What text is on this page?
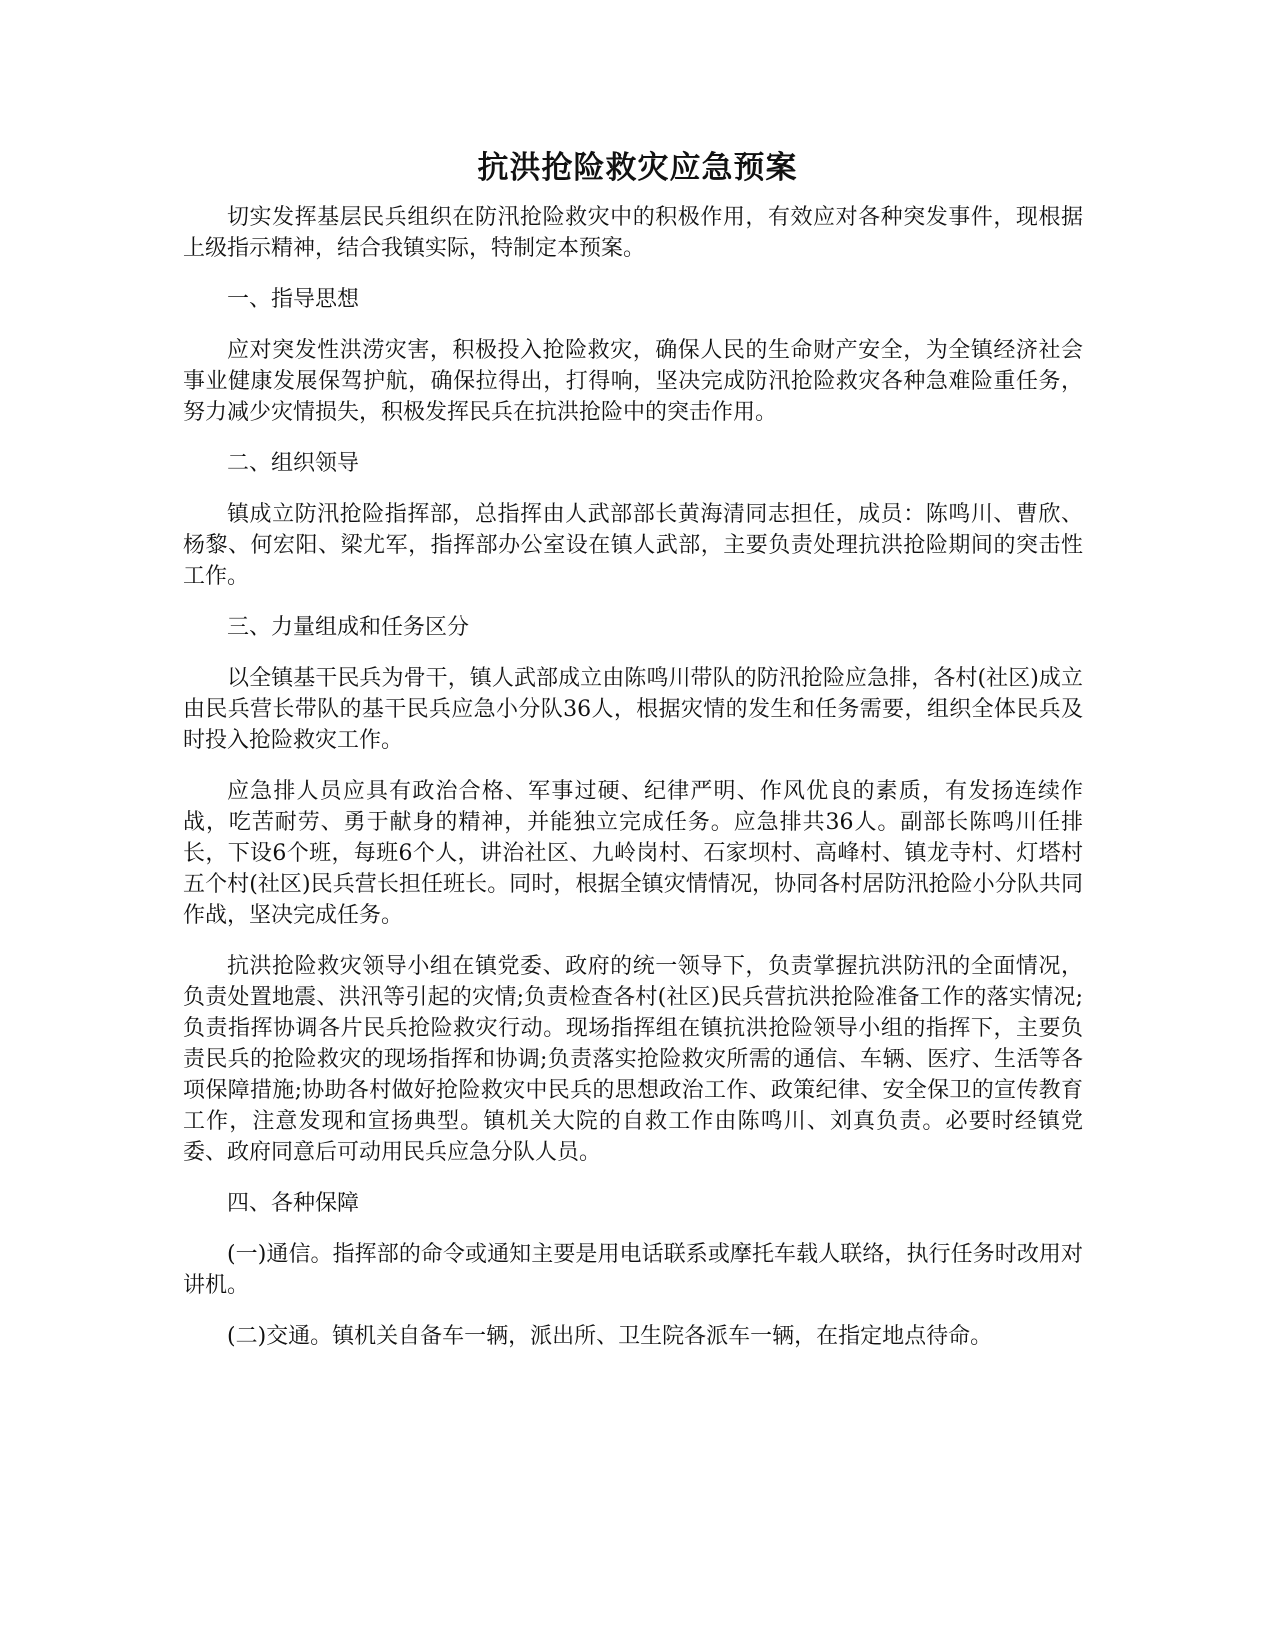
抗洪抢险救灾应急预案

切实发挥基层民兵组织在防汛抢险救灾中的积极作用，有效应对各种突发事件，现根据上级指示精神，结合我镇实际，特制定本预案。

一、指导思想

应对突发性洪涝灾害，积极投入抢险救灾，确保人民的生命财产安全，为全镇经济社会事业健康发展保驾护航，确保拉得出，打得响，坚决完成防汛抢险救灾各种急难险重任务，努力减少灾情损失，积极发挥民兵在抗洪抢险中的突击作用。

二、组织领导

镇成立防汛抢险指挥部，总指挥由人武部部长黄海清同志担任，成员：陈鸣川、曹欣、杨黎、何宏阳、梁尤军，指挥部办公室设在镇人武部，主要负责处理抗洪抢险期间的突击性工作。

三、力量组成和任务区分

以全镇基干民兵为骨干，镇人武部成立由陈鸣川带队的防汛抢险应急排，各村(社区)成立由民兵营长带队的基干民兵应急小分队36人，根据灾情的发生和任务需要，组织全体民兵及时投入抢险救灾工作。

应急排人员应具有政治合格、军事过硬、纪律严明、作风优良的素质，有发扬连续作战，吃苦耐劳、勇于献身的精神，并能独立完成任务。应急排共36人。副部长陈鸣川任排长，下设6个班，每班6个人，讲治社区、九岭岗村、石家坝村、高峰村、镇龙寺村、灯塔村五个村(社区)民兵营长担任班长。同时，根据全镇灾情情况，协同各村居防汛抢险小分队共同作战，坚决完成任务。

抗洪抢险救灾领导小组在镇党委、政府的统一领导下，负责掌握抗洪防汛的全面情况，负责处置地震、洪汛等引起的灾情;负责检查各村(社区)民兵营抗洪抢险准备工作的落实情况;负责指挥协调各片民兵抢险救灾行动。现场指挥组在镇抗洪抢险领导小组的指挥下，主要负责民兵的抢险救灾的现场指挥和协调;负责落实抢险救灾所需的通信、车辆、医疗、生活等各项保障措施;协助各村做好抢险救灾中民兵的思想政治工作、政策纪律、安全保卫的宣传教育工作，注意发现和宣扬典型。镇机关大院的自救工作由陈鸣川、刘真负责。必要时经镇党委、政府同意后可动用民兵应急分队人员。

四、各种保障

(一)通信。指挥部的命令或通知主要是用电话联系或摩托车载人联络，执行任务时改用对讲机。

(二)交通。镇机关自备车一辆，派出所、卫生院各派车一辆，在指定地点待命。
